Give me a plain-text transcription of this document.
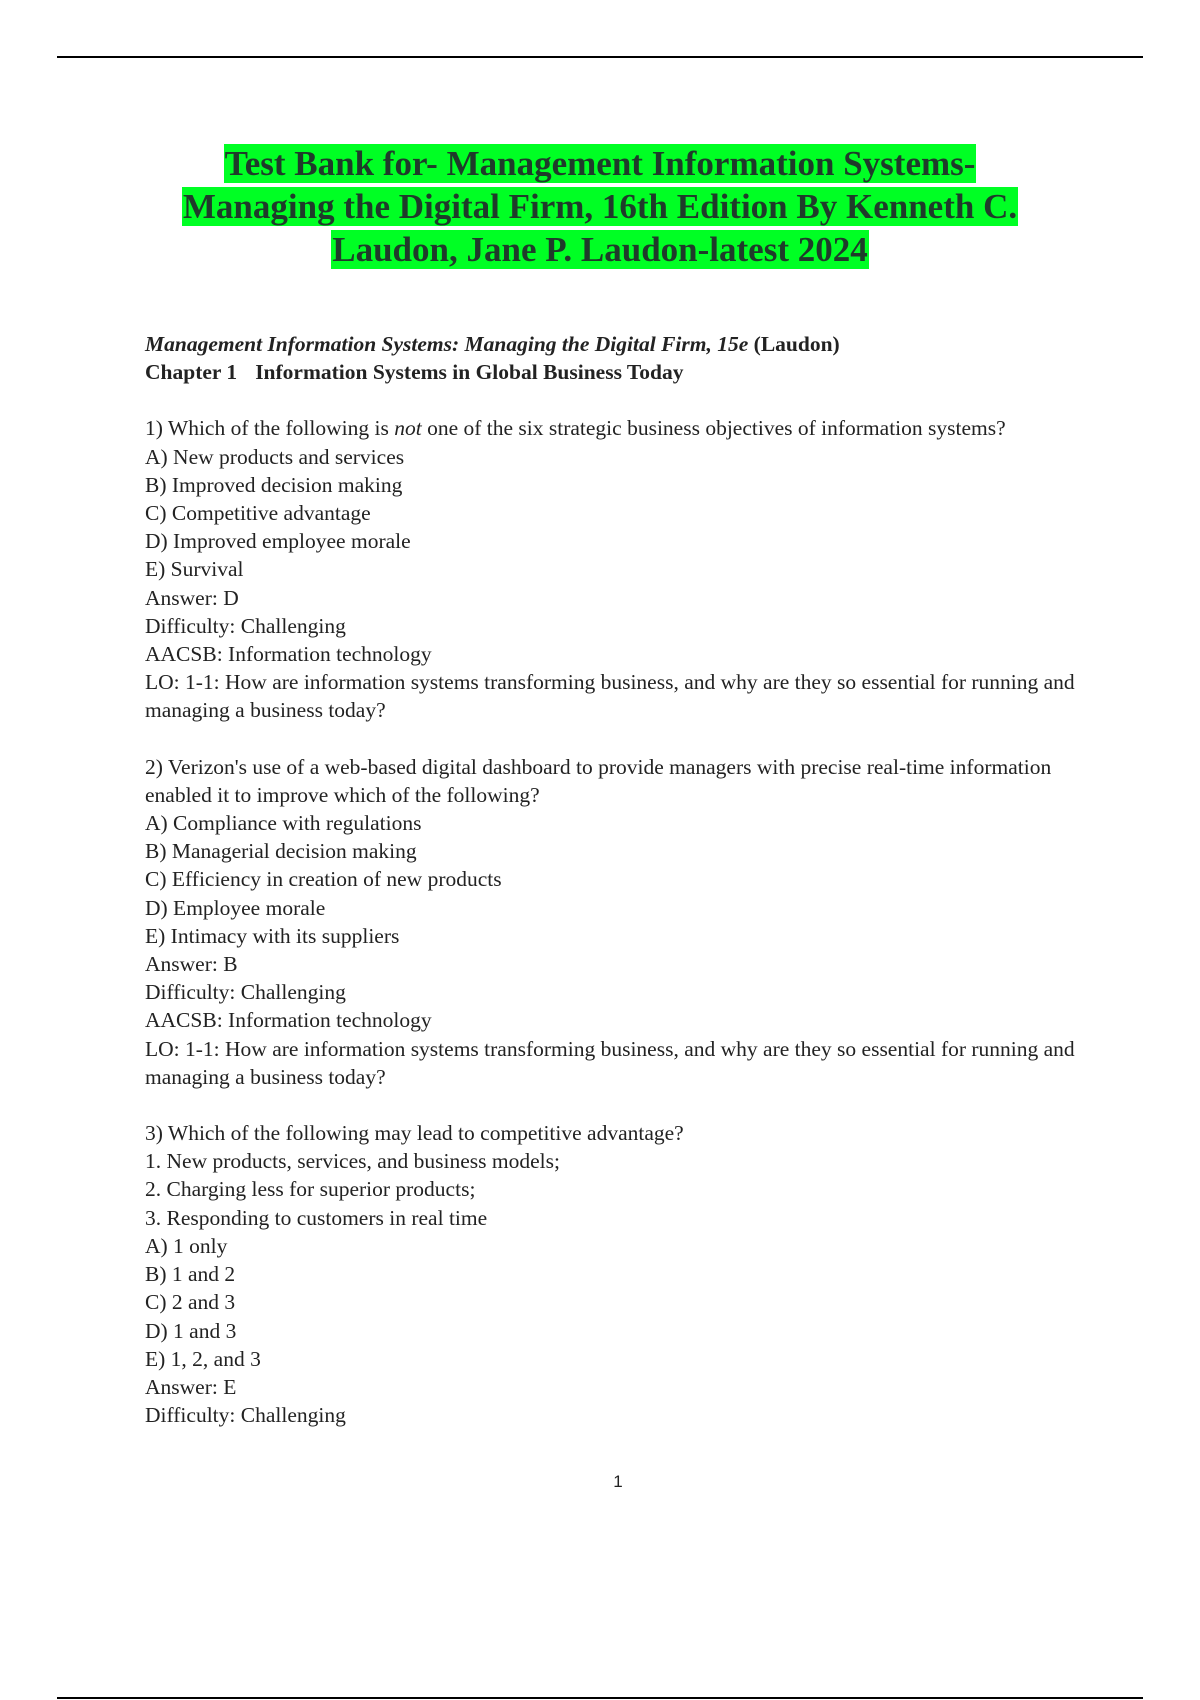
Test Bank for- Management Information Systems-
Managing the Digital Firm, 16th Edition By Kenneth C.
Laudon, Jane P. Laudon-latest 2024
Management Information Systems: Managing the Digital Firm, 15e (Laudon)
Chapter 1 Information Systems in Global Business Today
1) Which of the following is not one of the six strategic business objectives of information systems?
A) New products and services
B) Improved decision making
C) Competitive advantage
D) Improved employee morale
E) Survival
Answer: D
Difficulty: Challenging
AACSB: Information technology
LO: 1-1: How are information systems transforming business, and why are they so essential for running and managing a business today?
2) Verizon's use of a web-based digital dashboard to provide managers with precise real-time information enabled it to improve which of the following?
A) Compliance with regulations
B) Managerial decision making
C) Efficiency in creation of new products
D) Employee morale
E) Intimacy with its suppliers
Answer: B
Difficulty: Challenging
AACSB: Information technology
LO: 1-1: How are information systems transforming business, and why are they so essential for running and managing a business today?
3) Which of the following may lead to competitive advantage?
1. New products, services, and business models;
2. Charging less for superior products;
3. Responding to customers in real time
A) 1 only
B) 1 and 2
C) 2 and 3
D) 1 and 3
E) 1, 2, and 3
Answer: E
Difficulty: Challenging
1
